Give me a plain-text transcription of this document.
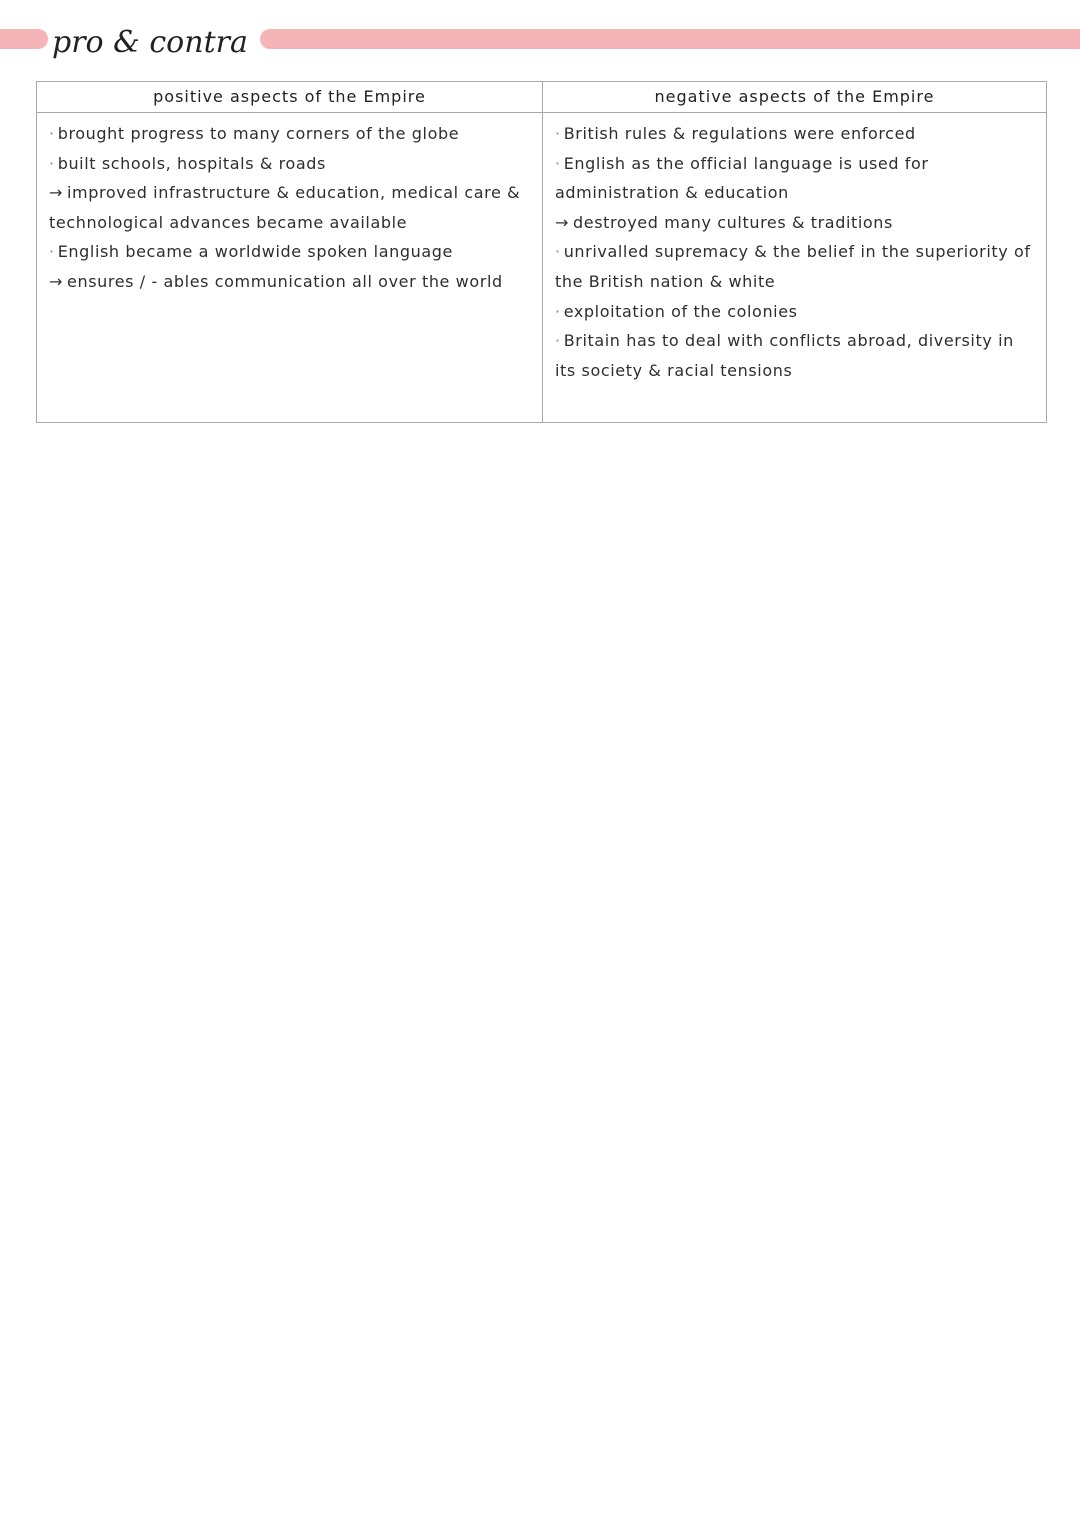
pro & contra
positive aspects of the Empire

· brought progress to many corners of the globe

· built schools, hospitals & roads

→ improved infrastructure & education, medical care & technological advances became available

· English became a worldwide spoken language

→ ensures / - ables communication all over the world

negative aspects of the Empire

· British rules & regulations were enforced

· English as the official language is used for administration & education

→ destroyed many cultures & traditions

· unrivalled supremacy & the belief in the superiority of the British nation & white

· exploitation of the colonies

· Britain has to deal with conflicts abroad, diversity in its society & racial tensions
